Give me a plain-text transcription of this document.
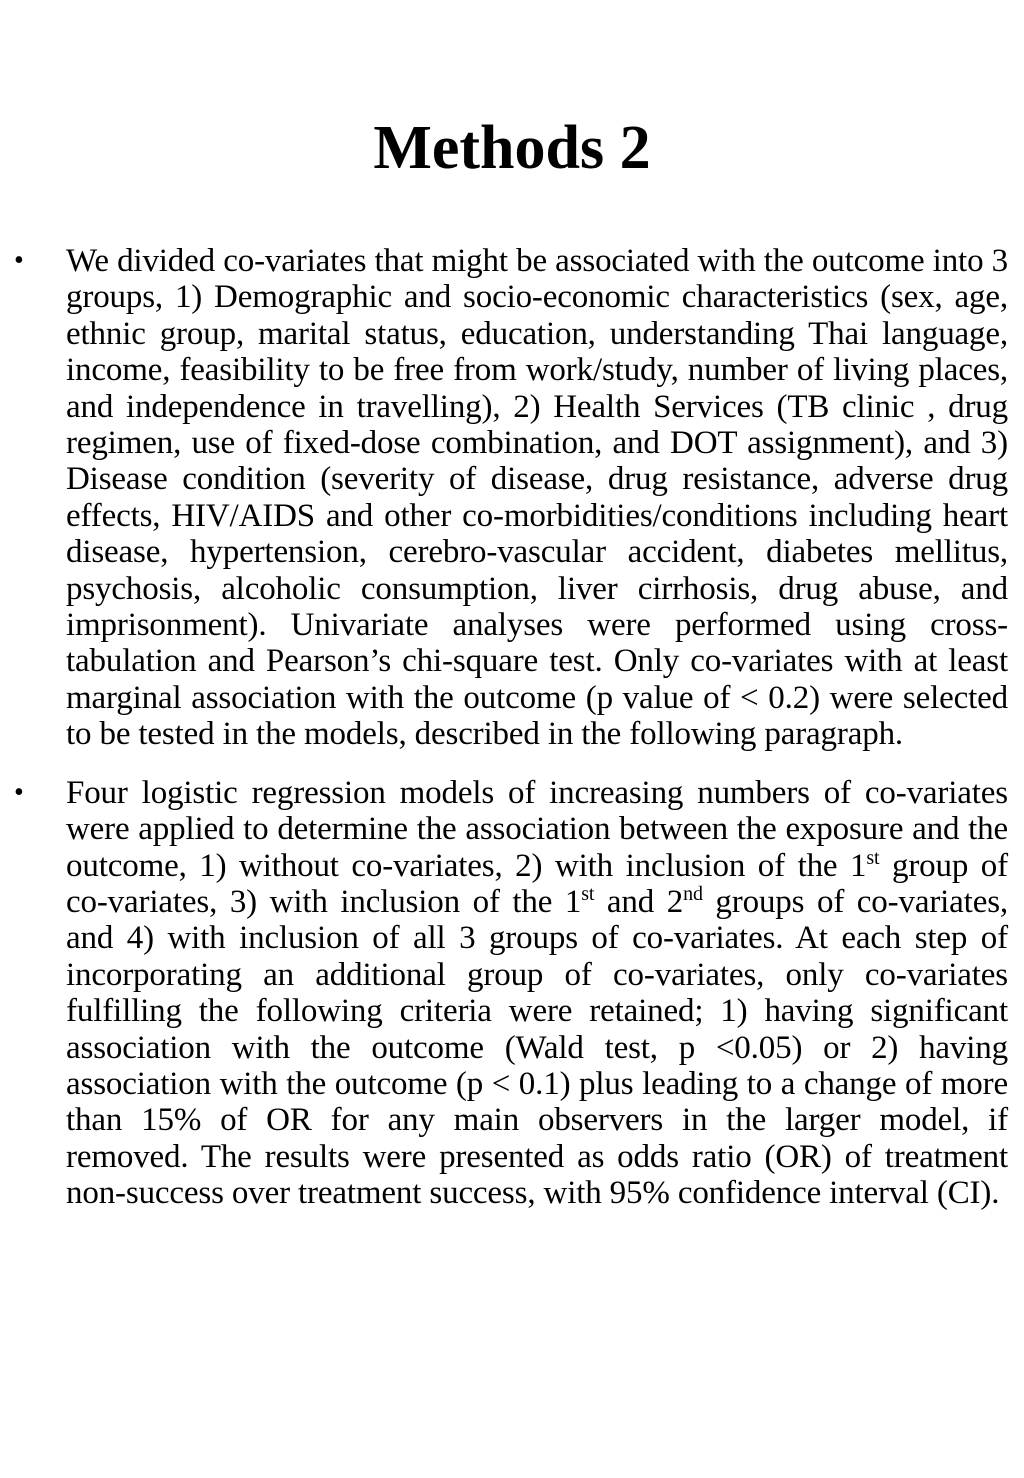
Methods 2
• We divided co-variates that might be associated with the outcome into 3 groups, 1) Demographic and socio-economic characteristics (sex, age, ethnic group, marital status, education, understanding Thai language, income, feasibility to be free from work/study, number of living places, and independence in travelling), 2) Health Services (TB clinic , drug regimen, use of fixed-dose combination, and DOT assignment), and 3) Disease condition (severity of disease, drug resistance, adverse drug effects, HIV/AIDS and other co-morbidities/conditions including heart disease, hypertension, cerebro-vascular accident, diabetes mellitus, psychosis, alcoholic consumption, liver cirrhosis, drug abuse, and imprisonment). Univariate analyses were performed using cross-tabulation and Pearson’s chi-square test. Only co-variates with at least marginal association with the outcome (p value of < 0.2) were selected to be tested in the models, described in the following paragraph.

• Four logistic regression models of increasing numbers of co-variates were applied to determine the association between the exposure and the outcome, 1) without co-variates, 2) with inclusion of the 1st group of co-variates, 3) with inclusion of the 1st and 2nd groups of co-variates, and 4) with inclusion of all 3 groups of co-variates. At each step of incorporating an additional group of co-variates, only co-variates fulfilling the following criteria were retained; 1) having significant association with the outcome (Wald test, p <0.05) or 2) having association with the outcome (p < 0.1) plus leading to a change of more than 15% of OR for any main observers in the larger model, if removed. The results were presented as odds ratio (OR) of treatment non-success over treatment success, with 95% confidence interval (CI).
